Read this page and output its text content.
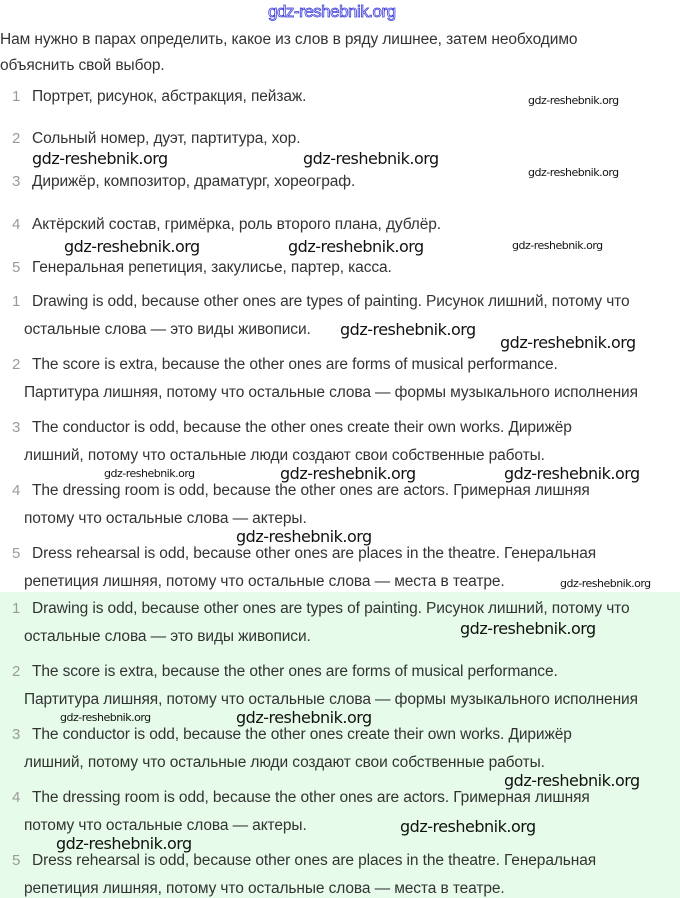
gdz-reshebnik.org
Нам нужно в парах определить, какое из слов в ряду лишнее, затем необходимо
объяснить свой выбор.
1 Портрет, рисунок, абстракция, пейзаж.
2 Сольный номер, дуэт, партитура, хор.
3 Дирижёр, композитор, драматург, хореограф.
4 Актёрский состав, гримёрка, роль второго плана, дублёр.
5 Генеральная репетиция, закулисье, партер, касса.
1 Drawing is odd, because other ones are types of painting. Рисунок лишний, потому что
остальные слова — это виды живописи.
2 The score is extra, because the other ones are forms of musical performance.
Партитура лишняя, потому что остальные слова — формы музыкального исполнения
3 The conductor is odd, because the other ones create their own works. Дирижёр
лишний, потому что остальные люди создают свои собственные работы.
4 The dressing room is odd, because the other ones are actors. Гримерная лишняя
потому что остальные слова — актеры.
5 Dress rehearsal is odd, because other ones are places in the theatre. Генеральная
репетиция лишняя, потому что остальные слова — места в театре.
1 Drawing is odd, because other ones are types of painting. Рисунок лишний, потому что
остальные слова — это виды живописи.
2 The score is extra, because the other ones are forms of musical performance.
Партитура лишняя, потому что остальные слова — формы музыкального исполнения
3 The conductor is odd, because the other ones create their own works. Дирижёр
лишний, потому что остальные люди создают свои собственные работы.
4 The dressing room is odd, because the other ones are actors. Гримерная лишняя
потому что остальные слова — актеры.
5 Dress rehearsal is odd, because other ones are places in the theatre. Генеральная
репетиция лишняя, потому что остальные слова — места в театре.
gdz-reshebnik.org
gdz-reshebnik.org	gdz-reshebnik.org
gdz-reshebnik.org
gdz-reshebnik.org	gdz-reshebnik.org	gdz-reshebnik.org
gdz-reshebnik.org
gdz-reshebnik.org
gdz-reshebnik.org	gdz-reshebnik.org	gdz-reshebnik.org
gdz-reshebnik.org
gdz-reshebnik.org
gdz-reshebnik.org
gdz-reshebnik.org	gdz-reshebnik.org
gdz-reshebnik.org
gdz-reshebnik.org
gdz-reshebnik.org
